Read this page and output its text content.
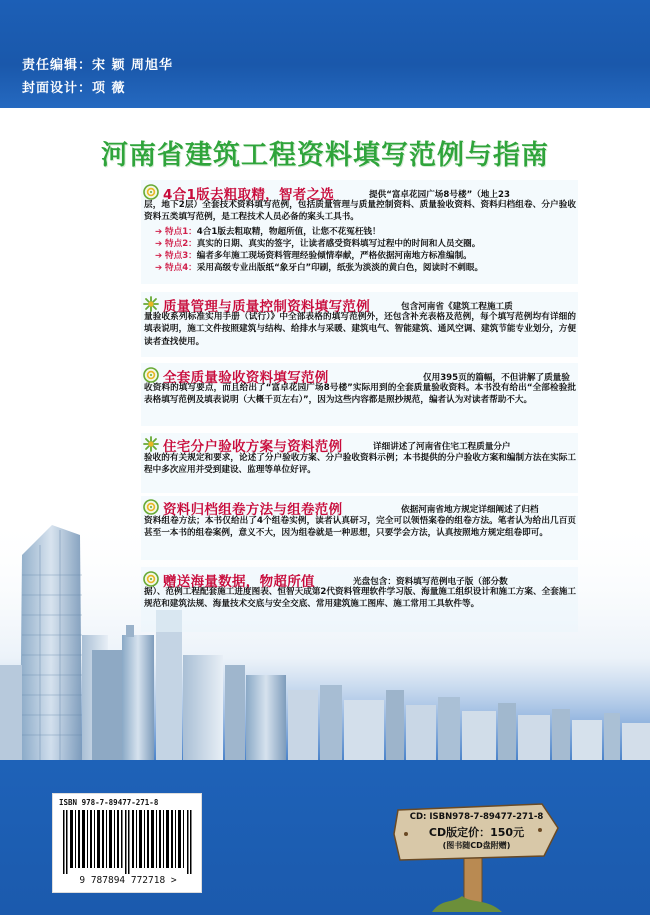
责任编辑：宋 颖 周旭华
封面设计：项 薇
河南省建筑工程资料填写范例与指南
4合1版去粗取精，智者之选	提供“富卓花园广场8号楼”（地上23
层，地下2层）全套技术资料填写范例，包括质量管理与质量控制资料、质量验收资料、资料归档组卷、分户验收资料五类填写范例，是工程技术人员必备的案头工具书。
➔ 特点1：4合1版去粗取精，物超所值，让您不花冤枉钱！
➔ 特点2：真实的日期、真实的签字，让读者感受资料填写过程中的时间和人员交圈。
➔ 特点3：编者多年施工现场资料管理经验倾情奉献，严格依据河南地方标准编制。
➔ 特点4：采用高级专业出版纸“象牙白”印刷，纸张为淡淡的黄白色，阅读时不刺眼。
质量管理与质量控制资料填写范例	包含河南省《建筑工程施工质
量验收系列标准实用手册（试行）》中全部表格的填写范例外，还包含补充表格及范例，每个填写范例均有详细的填表说明，施工文件按照建筑与结构、给排水与采暖、建筑电气、智能建筑、通风空调、建筑节能专业划分，方便读者查找使用。
全套质量验收资料填写范例	仅用395页的篇幅，不但讲解了质量验
收资料的填写要点，而且给出了“富卓花园广场8号楼”实际用到的全套质量验收资料。本书没有给出“全部检验批表格填写范例及填表说明（大概千页左右）”，因为这些内容都是照抄规范，编者认为对读者帮助不大。
住宅分户验收方案与资料范例	详细讲述了河南省住宅工程质量分户
验收的有关规定和要求，论述了分户验收方案、分户验收资料示例；本书提供的分户验收方案和编制方法在实际工程中多次应用并受到建设、监理等单位好评。
资料归档组卷方法与组卷范例	依据河南省地方规定详细阐述了归档
资料组卷方法；本书仅给出了4个组卷实例，读者认真研习，完全可以领悟案卷的组卷方法。笔者认为给出几百页甚至一本书的组卷案例，意义不大，因为组卷就是一种思想，只要学会方法，认真按照地方规定组卷即可。
赠送海量数据，物超所值	光盘包含：资料填写范例电子版（部分数
据）、范例工程配套施工进度图表、恒智天成第2代资料管理软件学习版、海量施工组织设计和施工方案、全套施工规范和建筑法规、海量技术交底与安全交底、常用建筑施工图库、施工常用工具软件等。
ISBN 978-7-89477-271-8
9 787894 772718 >
CD: ISBN978-7-89477-271-8
CD版定价：150元
(图书随CD盘附赠)
